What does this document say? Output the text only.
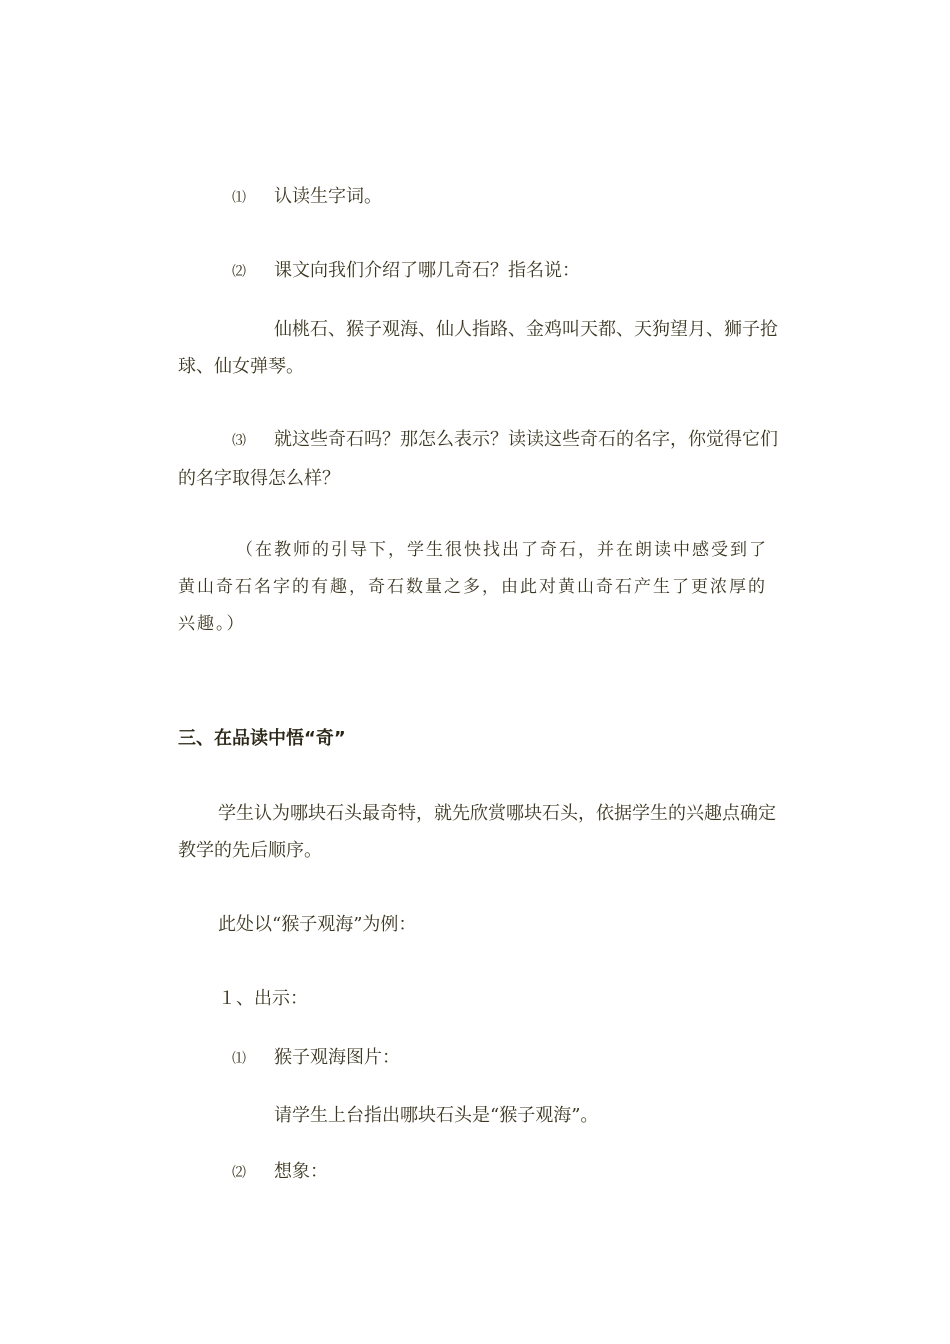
⑴ 认读生字词。
⑵ 课文向我们介绍了哪几奇石？指名说：
仙桃石、猴子观海、仙人指路、金鸡叫天都、天狗望月、狮子抢球、仙女弹琴。
⑶ 就这些奇石吗？那怎么表示？读读这些奇石的名字，你觉得它们的名字取得怎么样？
（在教师的引导下，学生很快找出了奇石，并在朗读中感受到了黄山奇石名字的有趣，奇石数量之多，由此对黄山奇石产生了更浓厚的兴趣。）
三、在品读中悟“奇”
学生认为哪块石头最奇特，就先欣赏哪块石头，依据学生的兴趣点确定教学的先后顺序。
此处以“猴子观海”为例：
１、出示：
⑴ 猴子观海图片：
请学生上台指出哪块石头是“猴子观海”。
⑵ 想象：
